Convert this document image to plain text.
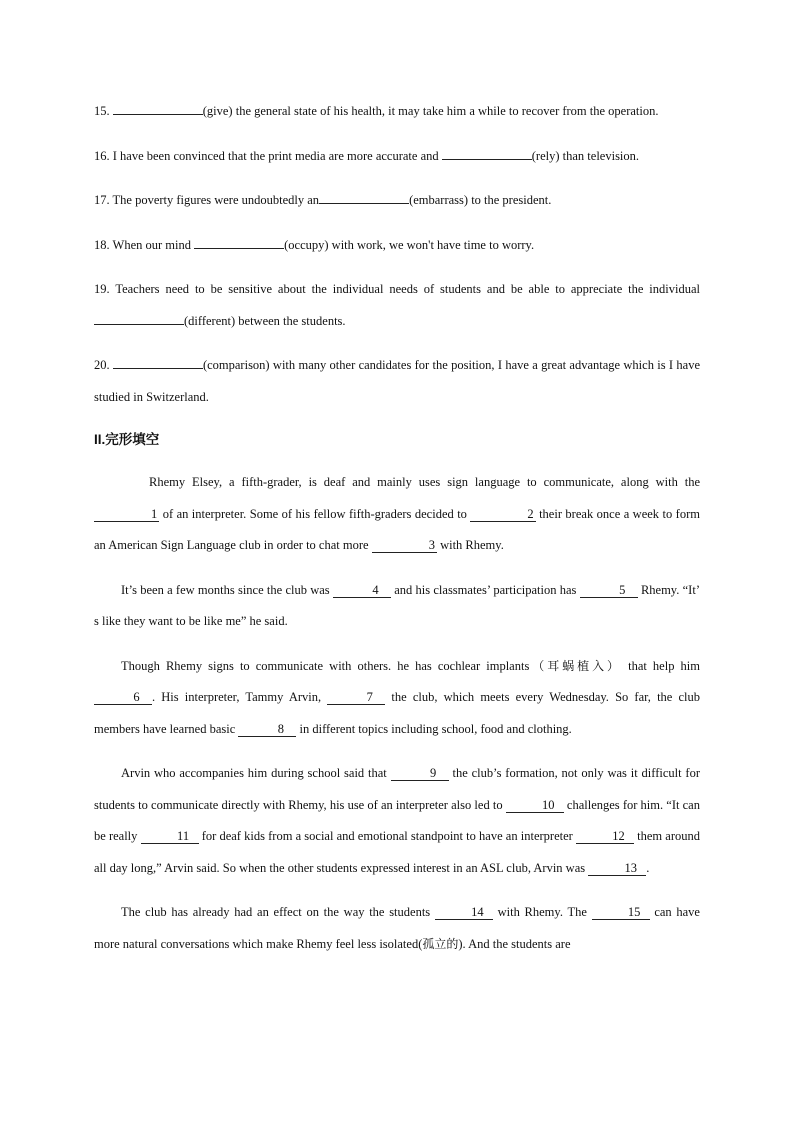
15.	(give) the general state of his health, it may take him a while to recover from the operation.

16. I have been convinced that the print media are more accurate and	(rely) than television.

17. The poverty figures were undoubtedly an	(embarrass) to the president.

18. When our mind	(occupy) with work, we won't have time to worry.

19. Teachers need to be sensitive about the individual needs of students and be able to appreciate the individual(different) between the students.

20.	(comparison) with many other candidates for the position, I have a great advantage which is I have studied in Switzerland.

II.完形填空

Rhemy Elsey, a fifth-grader, is deaf and mainly uses sign language to communicate, along with the 1 of an interpreter. Some of his fellow fifth-graders decided to	2 their break once a week to form an American Sign Language club in order to chat more	3 with Rhemy.

It’s been a few months since the club was	4 and his classmates’ participation has	5 Rhemy. “It’ s like they want to be like me” he said.

Though Rhemy signs to communicate with others. he has cochlear implants（耳蜗植入） that help him 6 . His interpreter, Tammy Arvin,	7 the club, which meets every Wednesday. So far, the club members have learned basic	8 in different topics including school, food and clothing.

Arvin who accompanies him during school said that	9 the club’s formation, not only was it difficult for students to communicate directly with Rhemy, his use of an interpreter also led to	10 challenges for him. “It can be really	11 for deaf kids from a social and emotional standpoint to have an interpreter	12 them around all day long,” Arvin said. So when the other students expressed interest in an ASL club, Arvin was	13 .

The club has already had an effect on the way the students	14 with Rhemy. The	15 can have more natural conversations which make Rhemy feel less isolated(孤立的). And the students are
